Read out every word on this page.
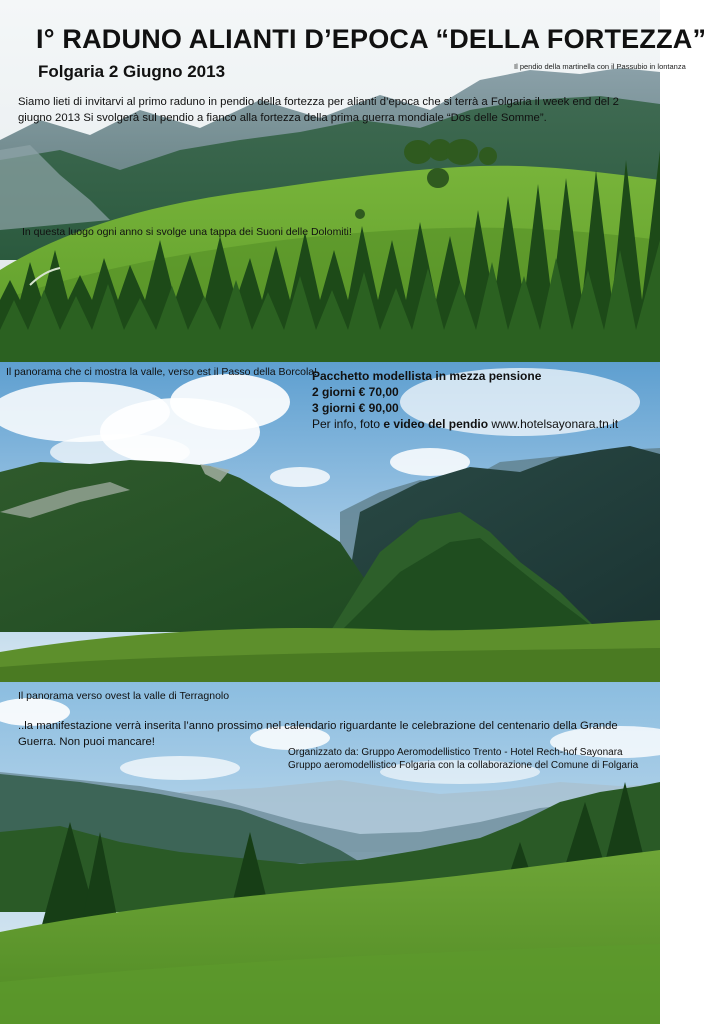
I° RADUNO ALIANTI D’EPOCA “DELLA FORTEZZA”
Folgaria 2 Giugno 2013	Il pendio della martinella con il Passubio in lontanza
Siamo lieti di invitarvi al primo raduno in pendio della fortezza per alianti d’epoca che si terrà a Folgaria il week end del 2 giugno 2013 Si svolgerà sul pendio a fianco alla fortezza della prima guerra mondiale “Dos delle Somme”.
In questa luogo ogni anno si svolge una tappa dei Suoni delle Dolomiti!
Il panorama che ci mostra la valle, verso est il Passo della Borcola!
Pacchetto modellista in mezza pensione
2 giorni € 70,00
3 giorni € 90,00
Per info, foto e video del pendio www.hotelsayonara.tn.it
Il panorama verso ovest la valle di Terragnolo
..la manifestazione verrà inserita l’anno prossimo nel calendario riguardante le celebrazione del centenario della Grande Guerra. Non puoi mancare!
Organizzato da: Gruppo Aeromodellistico Trento - Hotel Rech-hof Sayonara
Gruppo aeromodellistico Folgaria con la collaborazione del Comune di Folgaria
